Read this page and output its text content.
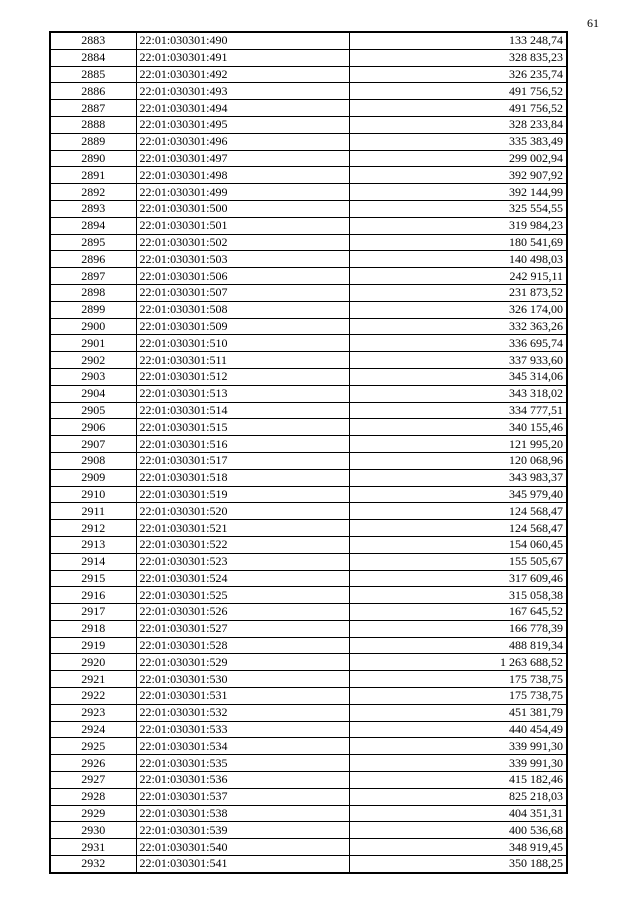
61
2883	22:01:030301:490	133 248,74
2884	22:01:030301:491	328 835,23
2885	22:01:030301:492	326 235,74
2886	22:01:030301:493	491 756,52
2887	22:01:030301:494	491 756,52
2888	22:01:030301:495	328 233,84
2889	22:01:030301:496	335 383,49
2890	22:01:030301:497	299 002,94
2891	22:01:030301:498	392 907,92
2892	22:01:030301:499	392 144,99
2893	22:01:030301:500	325 554,55
2894	22:01:030301:501	319 984,23
2895	22:01:030301:502	180 541,69
2896	22:01:030301:503	140 498,03
2897	22:01:030301:506	242 915,11
2898	22:01:030301:507	231 873,52
2899	22:01:030301:508	326 174,00
2900	22:01:030301:509	332 363,26
2901	22:01:030301:510	336 695,74
2902	22:01:030301:511	337 933,60
2903	22:01:030301:512	345 314,06
2904	22:01:030301:513	343 318,02
2905	22:01:030301:514	334 777,51
2906	22:01:030301:515	340 155,46
2907	22:01:030301:516	121 995,20
2908	22:01:030301:517	120 068,96
2909	22:01:030301:518	343 983,37
2910	22:01:030301:519	345 979,40
2911	22:01:030301:520	124 568,47
2912	22:01:030301:521	124 568,47
2913	22:01:030301:522	154 060,45
2914	22:01:030301:523	155 505,67
2915	22:01:030301:524	317 609,46
2916	22:01:030301:525	315 058,38
2917	22:01:030301:526	167 645,52
2918	22:01:030301:527	166 778,39
2919	22:01:030301:528	488 819,34
2920	22:01:030301:529	1 263 688,52
2921	22:01:030301:530	175 738,75
2922	22:01:030301:531	175 738,75
2923	22:01:030301:532	451 381,79
2924	22:01:030301:533	440 454,49
2925	22:01:030301:534	339 991,30
2926	22:01:030301:535	339 991,30
2927	22:01:030301:536	415 182,46
2928	22:01:030301:537	825 218,03
2929	22:01:030301:538	404 351,31
2930	22:01:030301:539	400 536,68
2931	22:01:030301:540	348 919,45
2932	22:01:030301:541	350 188,25
